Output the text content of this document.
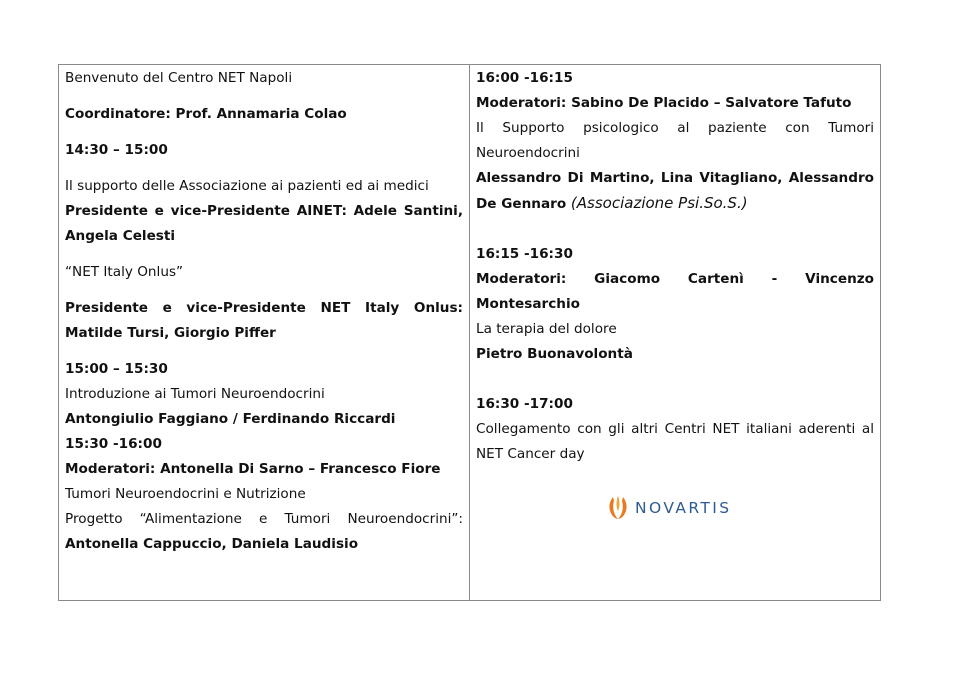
Benvenuto del Centro NET Napoli

Coordinatore: Prof. Annamaria Colao

14:30 – 15:00

Il supporto delle Associazione ai pazienti ed ai medici

Presidente e vice-Presidente AINET: Adele Santini, Angela Celesti

“NET Italy Onlus”

Presidente e vice-Presidente NET Italy Onlus: Matilde Tursi, Giorgio Piffer

15:00 – 15:30

Introduzione ai Tumori Neuroendocrini

Antongiulio Faggiano / Ferdinando Riccardi

15:30 -16:00

Moderatori: Antonella Di Sarno – Francesco Fiore

Tumori Neuroendocrini e Nutrizione

Progetto “Alimentazione e Tumori Neuroendocrini”:

Antonella Cappuccio, Daniela Laudisio

16:00 -16:15

Moderatori: Sabino De Placido – Salvatore Tafuto

Il Supporto psicologico al paziente con Tumori Neuroendocrini

Alessandro Di Martino, Lina Vitagliano, Alessandro De Gennaro (Associazione Psi.So.S.)

16:15 -16:30

Moderatori: Giacomo Cartenì - Vincenzo Montesarchio

La terapia del dolore

Pietro Buonavolontà

16:30 -17:00

Collegamento con gli altri Centri NET italiani aderenti al NET Cancer day

NOVARTIS
